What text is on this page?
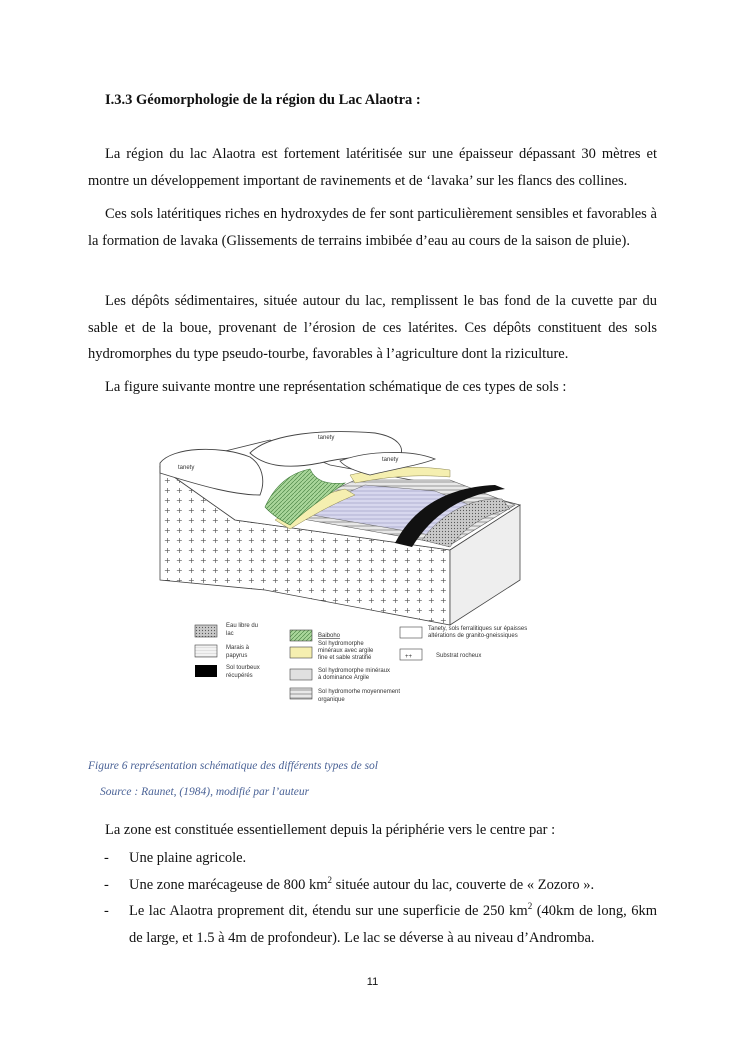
I.3.3 Géomorphologie de la région du Lac Alaotra :

La région du lac Alaotra est fortement latéritisée sur une épaisseur dépassant 30 mètres et montre un développement important de ravinements et de ‘lavaka’ sur les flancs des collines.

Ces sols latéritiques riches en hydroxydes de fer sont particulièrement sensibles et favorables à la formation de lavaka (Glissements de terrains imbibée d’eau au cours de la saison de pluie).

Les dépôts sédimentaires, située autour du lac, remplissent le bas fond de la cuvette par du sable et de la boue, provenant de l’érosion de ces latérites. Ces dépôts constituent des sols hydromorphes du type pseudo-tourbe, favorables à l’agriculture dont la riziculture.

La figure suivante montre une représentation schématique de ces types de sols :

tanety
tanety
tanety
Eau libre du
lac
Marais à
papyrus
Sol tourbeux
récupérés
Baiboho
Sol hydromorphe
minéraux avec argile
fine et sable stratifié
Sol hydromorphe minéraux
à dominance Argile
Sol hydromorhe moyennement
organique
Tanety, sols ferralitiques sur épaisses
altérations de granito-gneissiques
++	Substrat rocheux
Figure 6 représentation schématique des différents types de sol
Source : Raunet, (1984), modifié par l’auteur
La zone est constituée essentiellement depuis la périphérie vers le centre par :
- Une plaine agricole.
- Une zone marécageuse de 800 $km^2$ située autour du lac, couverte de « Zozoro ».
- Le lac Alaotra proprement dit, étendu sur une superficie de 250 $km^2$ (40km de long, 6km de large, et 1.5 à 4m de profondeur). Le lac se déverse à au niveau d’Andromba.
11
